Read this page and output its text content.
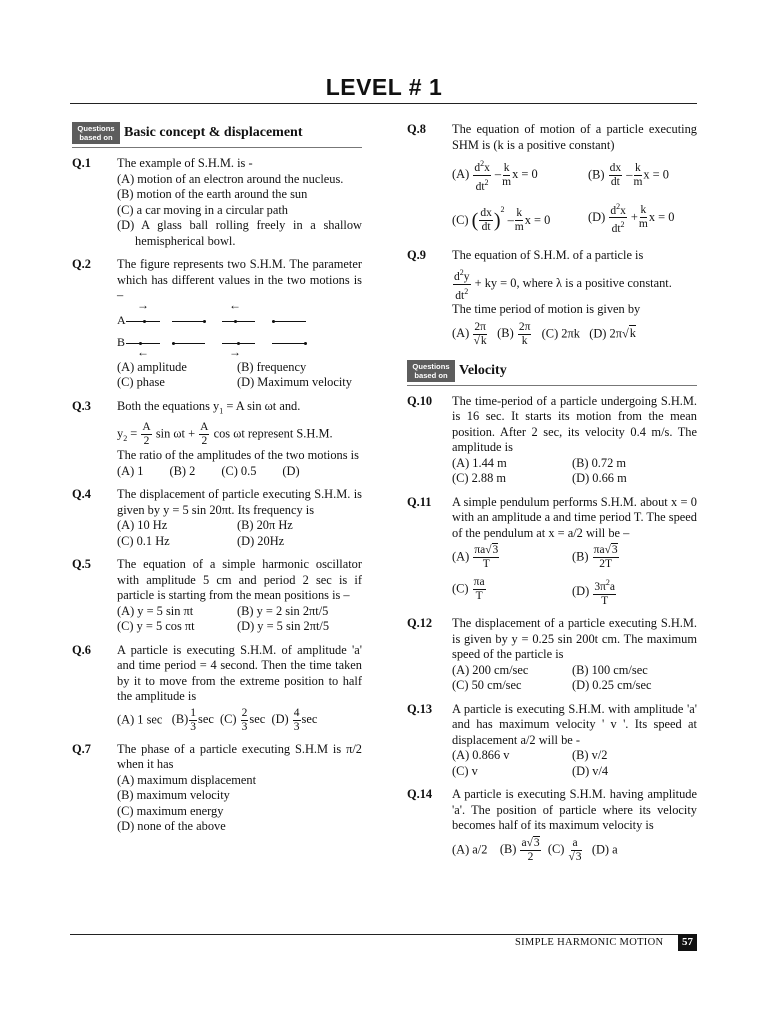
LEVEL # 1
Questions based on Basic concept & displacement
Q.1	The example of S.H.M. is -

(A) motion of an electron around the nucleus.

(B) motion of the earth around the sun

(C) a car moving in a circular path

(D) A glass ball rolling freely in a shallow hemispherical bowl.

Q.2	The figure represents two S.H.M. The parameter which has different values in the two motions is –

A
→	←
B
←	→
(A) amplitude	(B) frequency
(C) phase	(D) Maximum velocity
Q.3	Both the equations $y_1 = A$ sin ωt and.

$y_2 = \frac{A}{2}$ $\sin \omega t + \frac{A}{2}$ cos ωt represent S.H.M.

The ratio of the amplitudes of the two motions is

(A) 1 (B) 2 (C) 0.5 (D)
Q.4	The displacement of particle executing S.H.M. is given by y = 5 sin 20πt. Its frequency is

(A) 10 Hz	(B) 20π Hz
(C) 0.1 Hz	(D) 20Hz
Q.5	The equation of a simple harmonic oscillator with amplitude 5 cm and period 2 sec is if particle is starting from the mean positions is –

(A) y = 5 sin πt	(B) y = 2 sin 2πt/5
(C) y = 5 cos πt	(D) y = 5 sin 2πt/5
Q.6	A particle is executing S.H.M. of amplitude 'a' and time period = 4 second. Then the time taken by it to move from the extreme position to half the amplitude is

(A) 1 $\sec (B) \frac{1}{3}$ $\sec (C) \frac{2}{3}$ $\sec (D) \frac{4}{3}$ sec

Q.7	The phase of a particle executing S.H.M is π/2 when it has

(A) maximum displacement

(B) maximum velocity

(C) maximum energy

(D) none of the above

Q.8	The equation of motion of a particle executing SHM is (k is a positive constant)

$(A) \frac{d^2x}{dt^2} - \frac{k}{m}$ x = 0	$(B) \frac{dx}{dt} - \frac{k}{m}$ x = 0
(C) ( $\frac{dx}{dt} )^2 - \frac{k}{m}$ x = 0	$(D) \frac{d^2x}{dt^2} + \frac{k}{m}$ x = 0
Q.9	The equation of S.H.M. of a particle is

$\frac{d^2y}{dt^2}$ + ky = 0, where λ is a positive constant.

The time period of motion is given by

$(A) \frac{2\pi}{√k} (B) \frac{2\pi}{k} (C)$ 2πk (D) 2π√k

Questions based on Velocity
Q.10	The time-period of a particle undergoing S.H.M. is 16 sec. It starts its motion from the mean position. After 2 sec, its velocity 0.4 m/s. The amplitude is

(A) 1.44 m	(B) 0.72 m
(C) 2.88 m	(D) 0.66 m
Q.11	A simple pendulum performs S.H.M. about x = 0 with an amplitude a and time period T. The speed of the pendulum at x = a/2 will be –

$(A) \frac{\pi a√3}{T}$	$(B) \frac{\pi a√3}{2T}$
$(C) \frac{\pi a}{T}$	$(D) \frac{3\pi^2a}{T}$
Q.12	The displacement of a particle executing S.H.M. is given by y = 0.25 sin 200t cm. The maximum speed of the particle is

(A) 200 cm/sec	(B) 100 cm/sec
(C) 50 cm/sec	(D) 0.25 cm/sec
Q.13	A particle is executing S.H.M. with amplitude 'a' and has maximum velocity ' v '. Its speed at displacement a/2 will be -

(A) 0.866 v	(B) v/2
(C) v	(D) v/4
Q.14	A particle is executing S.H.M. having amplitude 'a'. The position of particle where its velocity becomes half of its maximum velocity is

(A) a/2 $(B) \frac{a√3}{2} (C) \frac{a}{√3} (D)$ a

SIMPLE HARMONIC MOTION	57
